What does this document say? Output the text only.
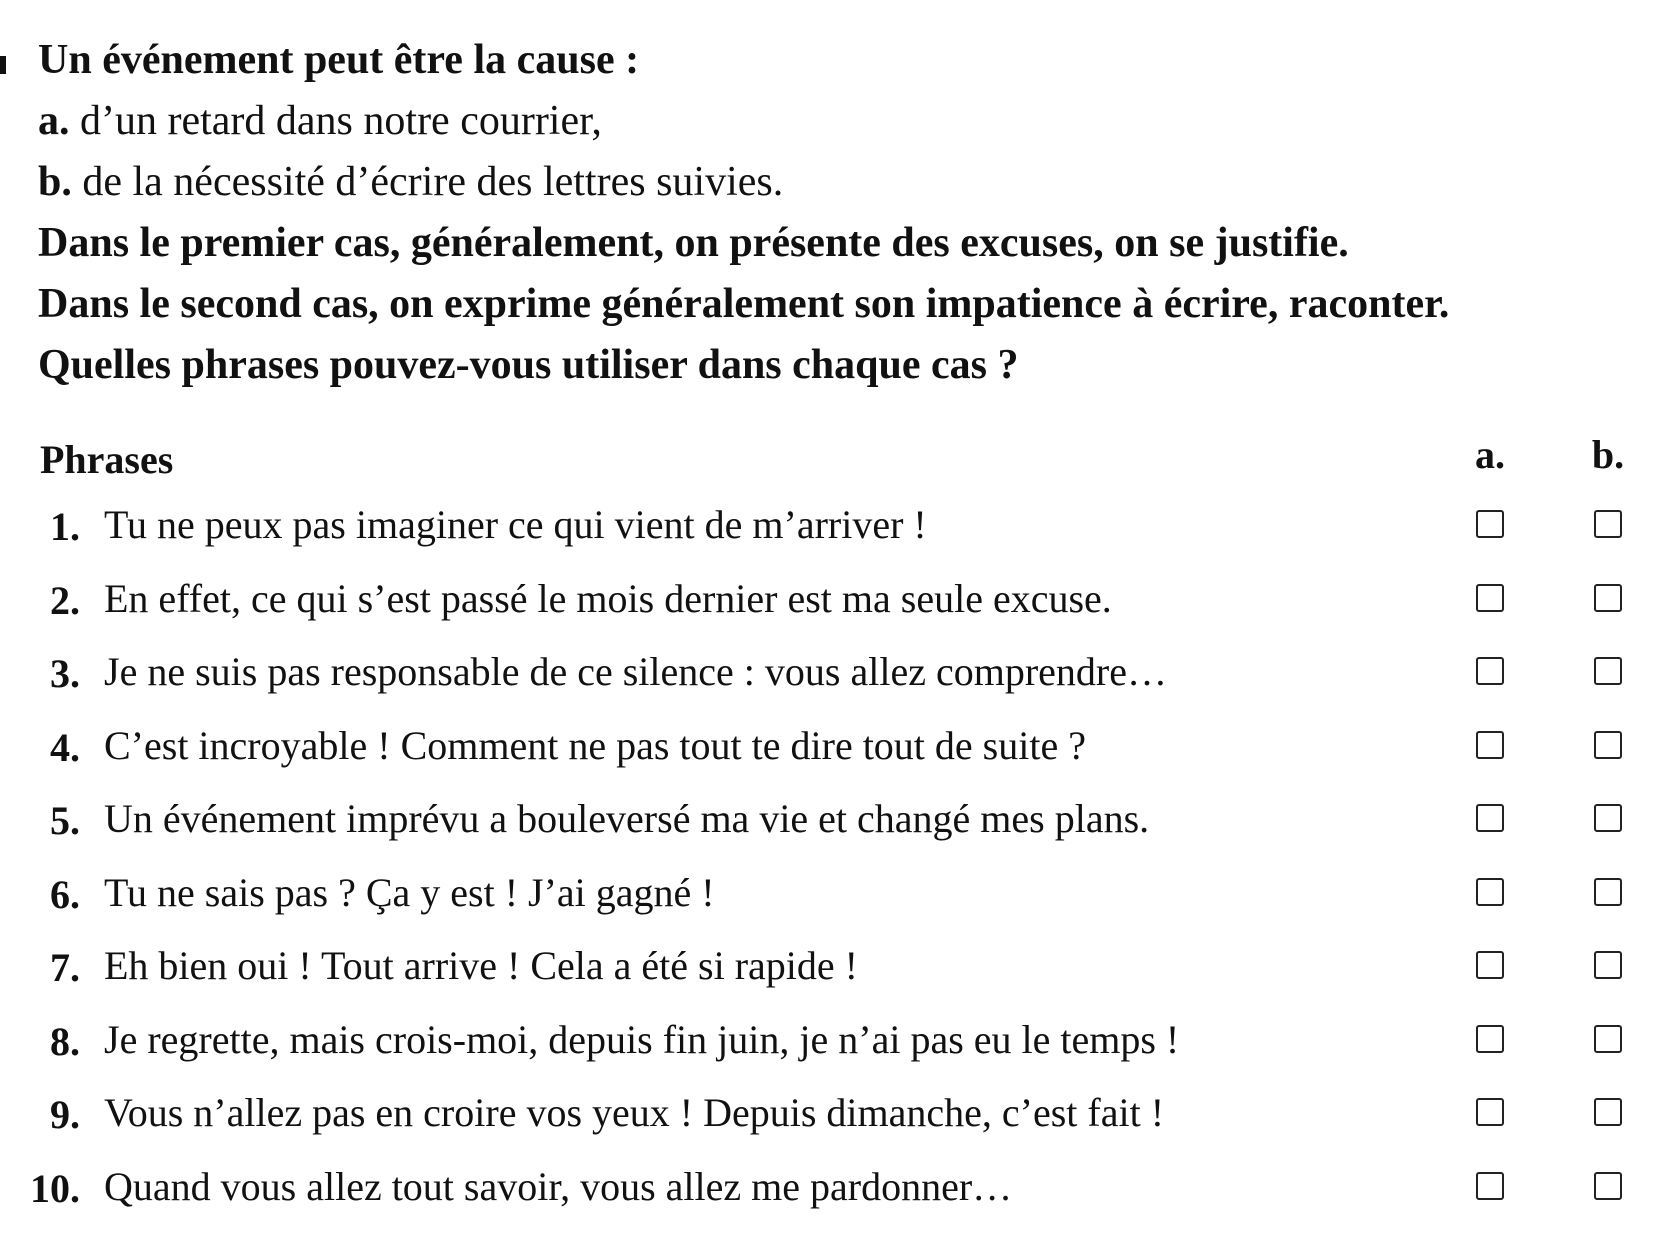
Un événement peut être la cause :
a. d’un retard dans notre courrier,
b. de la nécessité d’écrire des lettres suivies.
Dans le premier cas, généralement, on présente des excuses, on se justifie.
Dans le second cas, on exprime généralement son impatience à écrire, raconter.
Quelles phrases pouvez-vous utiliser dans chaque cas ?
Phrases	a.	b.
1. Tu ne peux pas imaginer ce qui vient de m’arriver !
2. En effet, ce qui s’est passé le mois dernier est ma seule excuse.
3. Je ne suis pas responsable de ce silence : vous allez comprendre…
4. C’est incroyable ! Comment ne pas tout te dire tout de suite ?
5. Un événement imprévu a bouleversé ma vie et changé mes plans.
6. Tu ne sais pas ? Ça y est ! J’ai gagné !
7. Eh bien oui ! Tout arrive ! Cela a été si rapide !
8. Je regrette, mais crois-moi, depuis fin juin, je n’ai pas eu le temps !
9. Vous n’allez pas en croire vos yeux ! Depuis dimanche, c’est fait !
10. Quand vous allez tout savoir, vous allez me pardonner…
